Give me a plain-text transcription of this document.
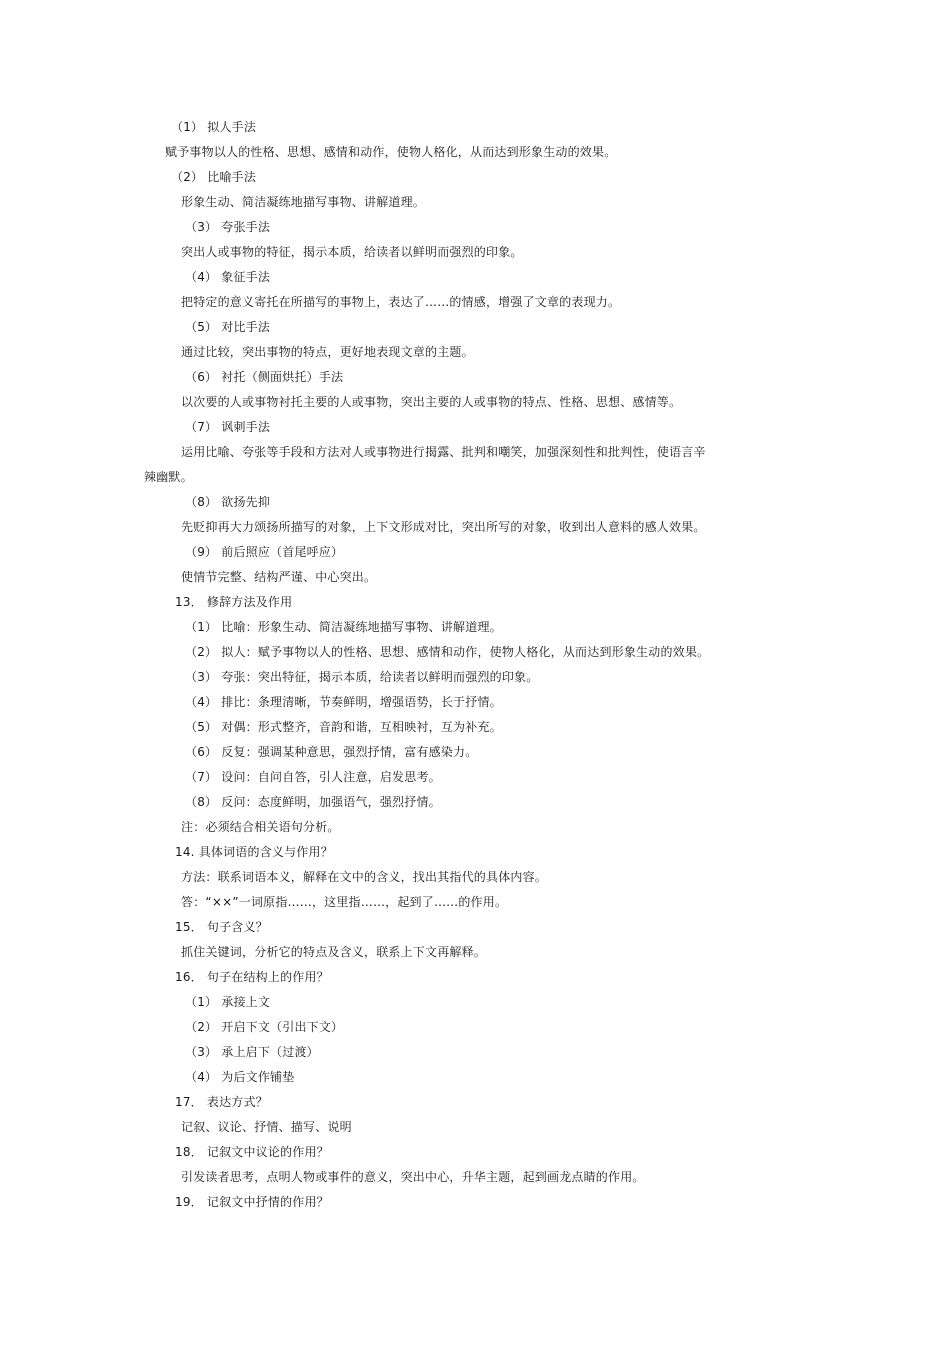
（1） 拟人手法
赋予事物以人的性格、思想、感情和动作，使物人格化，从而达到形象生动的效果。
（2） 比喻手法
形象生动、简洁凝练地描写事物、讲解道理。
（3） 夸张手法
突出人或事物的特征，揭示本质，给读者以鲜明而强烈的印象。
（4） 象征手法
把特定的意义寄托在所描写的事物上，表达了……的情感，增强了文章的表现力。
（5） 对比手法
通过比较，突出事物的特点，更好地表现文章的主题。
（6） 衬托（侧面烘托）手法
以次要的人或事物衬托主要的人或事物，突出主要的人或事物的特点、性格、思想、感情等。
（7） 讽刺手法
运用比喻、夸张等手段和方法对人或事物进行揭露、批判和嘲笑，加强深刻性和批判性，使语言辛
辣幽默。
（8） 欲扬先抑
先贬抑再大力颂扬所描写的对象，上下文形成对比，突出所写的对象，收到出人意料的感人效果。
（9） 前后照应（首尾呼应）
使情节完整、结构严谨、中心突出。
13． 修辞方法及作用
（1） 比喻：形象生动、简洁凝练地描写事物、讲解道理。
（2） 拟人：赋予事物以人的性格、思想、感情和动作，使物人格化，从而达到形象生动的效果。
（3） 夸张：突出特征，揭示本质，给读者以鲜明而强烈的印象。
（4） 排比：条理清晰，节奏鲜明，增强语势，长于抒情。
（5） 对偶：形式整齐，音韵和谐，互相映衬，互为补充。
（6） 反复：强调某种意思，强烈抒情，富有感染力。
（7） 设问：自问自答，引人注意，启发思考。
（8） 反问：态度鲜明，加强语气，强烈抒情。
注：必须结合相关语句分析。
14. 具体词语的含义与作用？
方法：联系词语本义，解释在文中的含义，找出其指代的具体内容。
答：“××”一词原指……，这里指……，起到了……的作用。
15． 句子含义？
抓住关键词，分析它的特点及含义，联系上下文再解释。
16． 句子在结构上的作用？
（1） 承接上文
（2） 开启下文（引出下文）
（3） 承上启下（过渡）
（4） 为后文作铺垫
17． 表达方式？
记叙、议论、抒情、描写、说明
18． 记叙文中议论的作用？
引发读者思考，点明人物或事件的意义，突出中心，升华主题，起到画龙点睛的作用。
19． 记叙文中抒情的作用？
